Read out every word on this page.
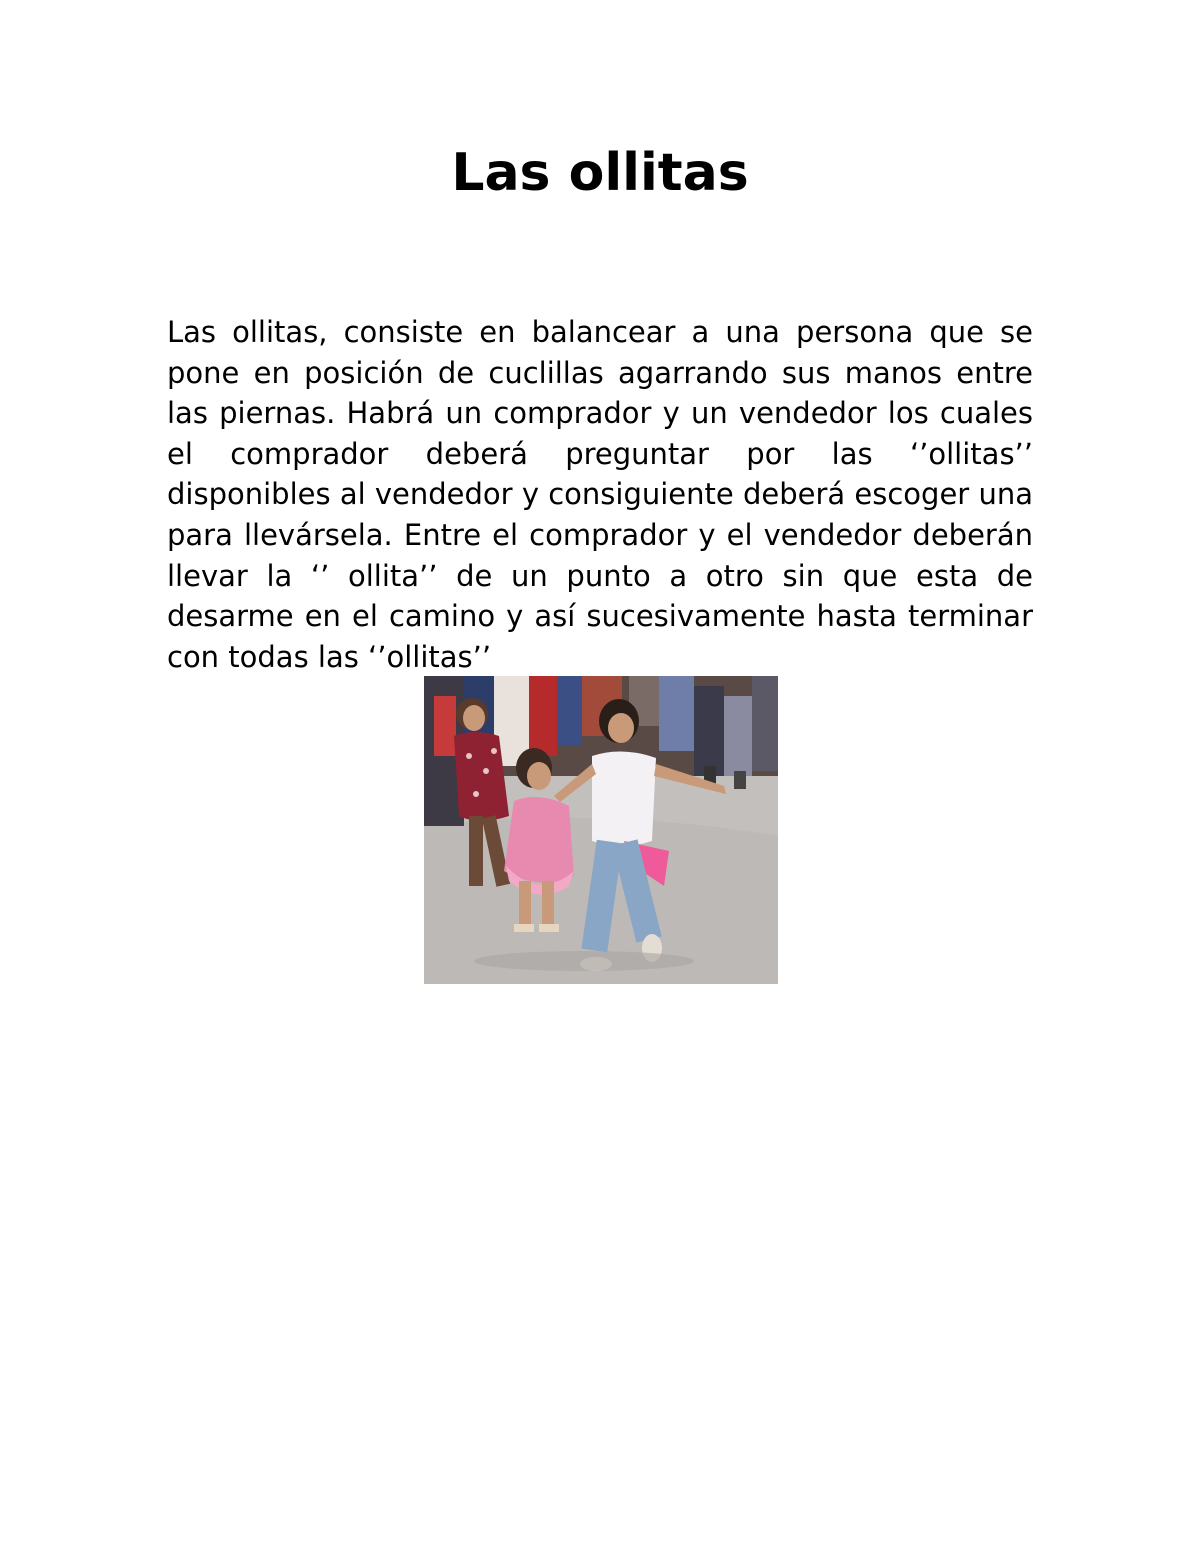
Las ollitas

Las ollitas, consiste en balancear a una persona que se pone en posición de cuclillas agarrando sus manos entre las piernas. Habrá un comprador y un vendedor los cuales el comprador deberá preguntar por las ‘’ollitas’’ disponibles al vendedor y consiguiente deberá escoger una para llevársela. Entre el comprador y el vendedor deberán llevar la ‘’ ollita’’ de un punto a otro sin que esta de desarme en el camino y así sucesivamente hasta terminar con todas las ‘’ollitas’’
